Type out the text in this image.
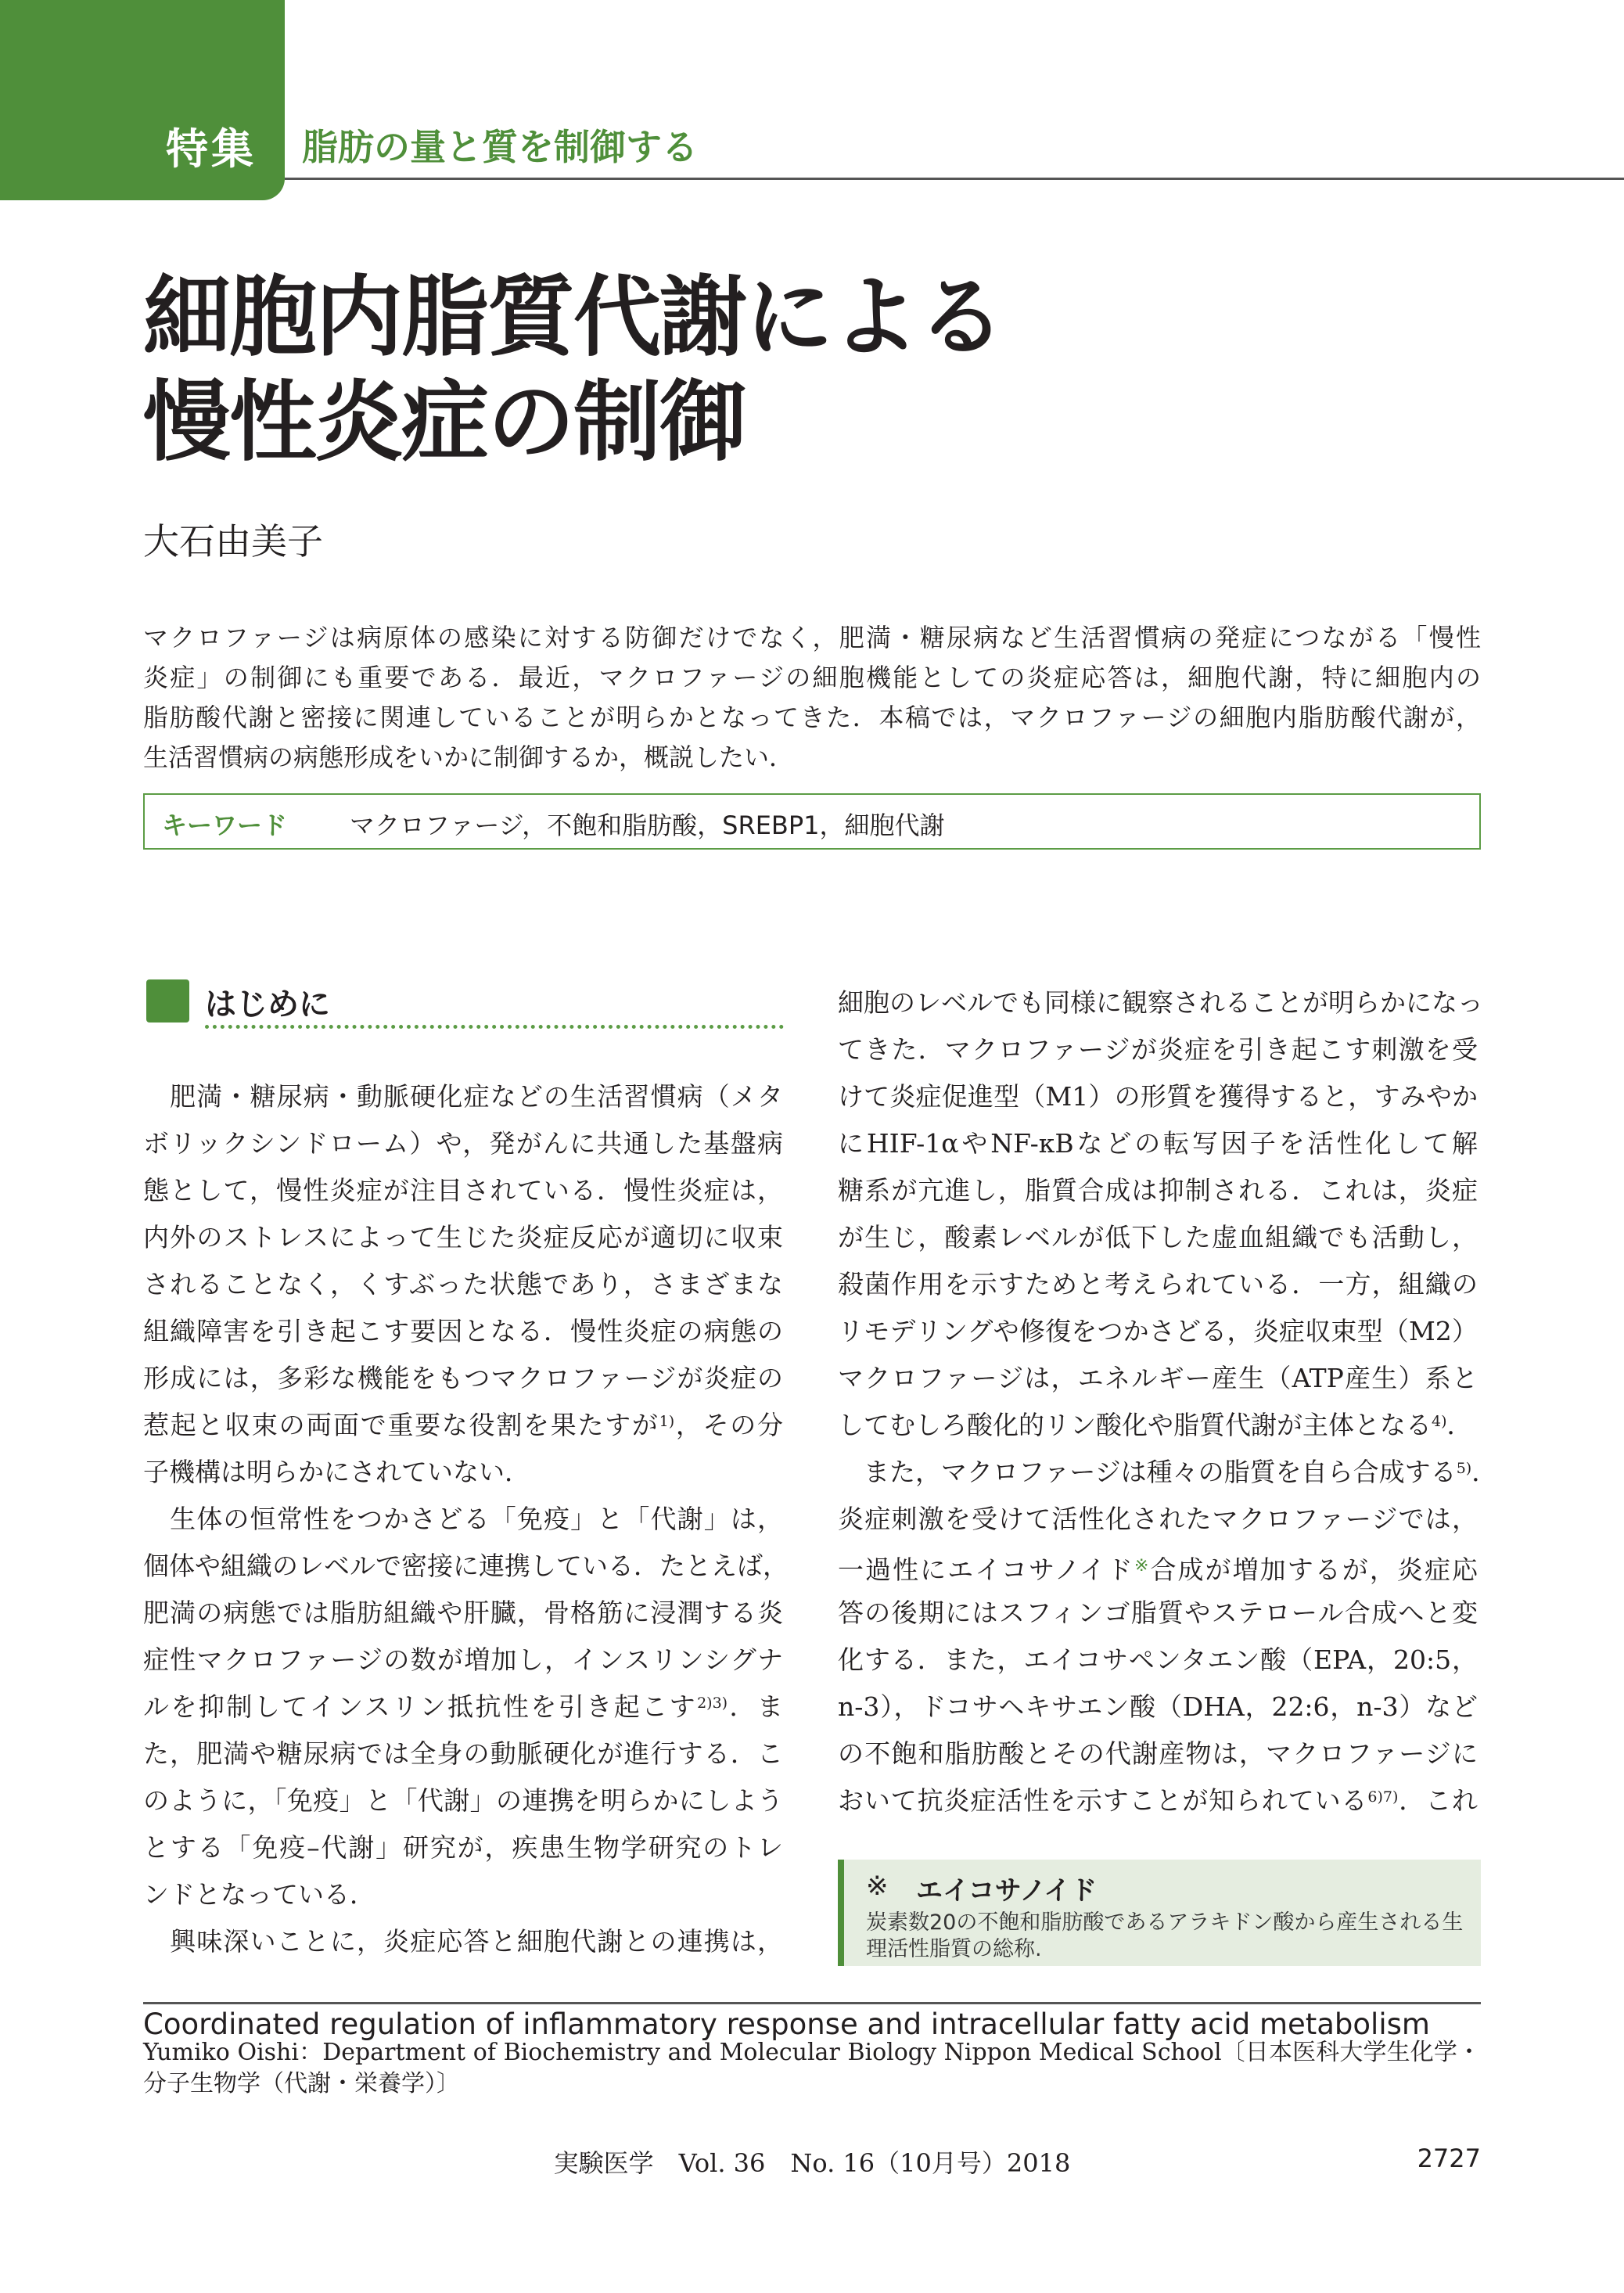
特集 脂肪の量と質を制御する
細胞内脂質代謝による
慢性炎症の制御
大石由美子
マクロファージは病原体の感染に対する防御だけでなく，肥満・糖尿病など生活習慣病の発症につながる「慢性
炎症」の制御にも重要である．最近，マクロファージの細胞機能としての炎症応答は，細胞代謝，特に細胞内の
脂肪酸代謝と密接に関連していることが明らかとなってきた．本稿では，マクロファージの細胞内脂肪酸代謝が，
生活習慣病の病態形成をいかに制御するか，概説したい．
キーワード マクロファージ，不飽和脂肪酸，SREBP1，細胞代謝
はじめに
　肥満・糖尿病・動脈硬化症などの生活習慣病（メタ
ボリックシンドローム）や，発がんに共通した基盤病
態として，慢性炎症が注目されている．慢性炎症は，
内外のストレスによって生じた炎症反応が適切に収束
されることなく，くすぶった状態であり，さまざまな
組織障害を引き起こす要因となる．慢性炎症の病態の
形成には，多彩な機能をもつマクロファージが炎症の
惹起と収束の両面で重要な役割を果たすが$^{1)}$，その分
子機構は明らかにされていない．
　生体の恒常性をつかさどる「免疫」と「代謝」は，
個体や組織のレベルで密接に連携している．たとえば，
肥満の病態では脂肪組織や肝臓，骨格筋に浸潤する炎
症性マクロファージの数が増加し，インスリンシグナ
ルを抑制してインスリン抵抗性を引き起こす$^{2)3)}$．ま
た，肥満や糖尿病では全身の動脈硬化が進行する．こ
のように，「免疫」と「代謝」の連携を明らかにしよう
とする「免疫–代謝」研究が，疾患生物学研究のトレ
ンドとなっている．
　興味深いことに，炎症応答と細胞代謝との連携は，
細胞のレベルでも同様に観察されることが明らかになっ
てきた．マクロファージが炎症を引き起こす刺激を受
けて炎症促進型（M1）の形質を獲得すると，すみやか
にHIF-1αやNF-κBなどの転写因子を活性化して解
糖系が亢進し，脂質合成は抑制される．これは，炎症
が生じ，酸素レベルが低下した虚血組織でも活動し，
殺菌作用を示すためと考えられている．一方，組織の
リモデリングや修復をつかさどる，炎症収束型（M2）
マクロファージは，エネルギー産生（ATP産生）系と
してむしろ酸化的リン酸化や脂質代謝が主体となる$^{4)}$．
　また，マクロファージは種々の脂質を自ら合成する$^{5)}$．
炎症刺激を受けて活性化されたマクロファージでは，
一過性にエイコサノイド※合成が増加するが，炎症応
答の後期にはスフィンゴ脂質やステロール合成へと変
化する．また，エイコサペンタエン酸（EPA，20:5，
n-3），ドコサヘキサエン酸（DHA，22:6，n-3）など
の不飽和脂肪酸とその代謝産物は，マクロファージに
おいて抗炎症活性を示すことが知られている$^{6)7)}$．これ
※ エイコサノイド
炭素数20の不飽和脂肪酸であるアラキドン酸から産生される生理活性脂質の総称.
Coordinated regulation of inflammatory response and intracellular fatty acid metabolism
Yumiko Oishi：Department of Biochemistry and Molecular Biology Nippon Medical School〔日本医科大学生化学・分子生物学（代謝・栄養学）〕
実験医学　Vol. 36　No. 16（10月号）2018	2727
